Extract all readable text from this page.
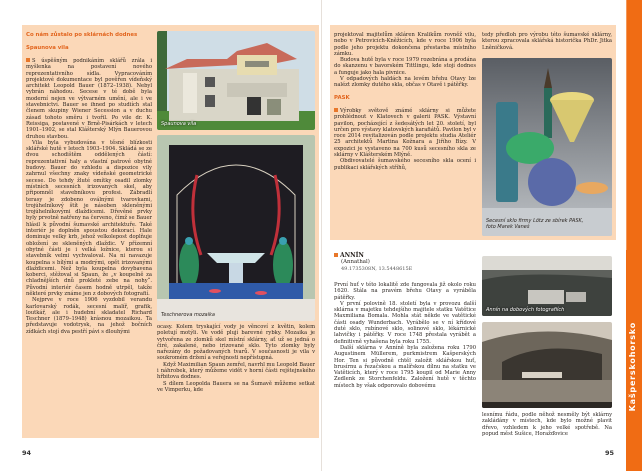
Co nám zůstalo po sklárnách dodnes
Spaunova vila

S úspěšným podnikáním sklářů zrála i myšlenka na postavení nového reprezentativního sídla. Vypracováním projektové dokumentace byl pověřen vídeňský architekt Leopold Bauer (1872–1938). Nebyl vybrán náhodou. Secese v té době byla moderní nejen ve výtvarném umění, ale i ve stavebnictví. Bauer se ihned po studiích stal členem skupiny Wiener Secession a v duchu zásad tohoto směru i tvořil. Po vile dr. K. Reissiga, postavené v Brně-Pisárkách v letech 1901–1902, se stal Klášterský Mlýn Bauerovou druhou stavbou.

Vila byla vybudována v těsné blízkosti sklářské hutě v letech 1903–1904. Skládá se ze dvou schodištěm oddělených částí: reprezentativní haly a vlastní patrové obytné budovy. Bauer do vzhledu a dispozice vily zahrnul všechny znaky vídeňské geometrické secese. Do tehdy žluté omítky osadil zlomky místních secesních irizovaných skel, aby připomněl stavebníkovu profesi. Zábradlí terasy je zdobeno oválnými tvarovkami, trojúhelníkový štít je násoben skleněnými trojúhelníkovými dlaždicemi. Dřevěné prvky byly prvotně natřeny na červeno, čímž se Bauer hlásil k původní šumavské architektuře. Také interiér je doplněn spoustou dekorací. Hale dominuje velký krb, jehož velkolepost doplňuje obložení ze skleněných dlaždic. V přízemní obytné části je i velká ložnice, kterou si stavebník velmi vychvaloval. Na ni navazuje koupelna s bílými a modrými, opět irizovanými dlaždicemi. Než byla koupelna dovybavena koberci, stěžoval si Spaun, že „v koupelně za chladnějších dnů prokleté zebe na nohy“. Původní interiér časem hodně utrpěl, takže některé prvky známe jen z dobových fotografií.

Nejprve v roce 1906 vyzdobil verandu karlovarský rodák, secesní malíř, grafik, loutkář, ale i hudební skladatel Richard Teschner (1879–1948) krásnou mozaikou. Ta představuje vodotrysk, na jehož bočních zídkách stojí dva pestří pávi s dlouhými

Spaunova vila
Teschnerova mozaika

ocasy. Kolem tryskající vody je věncoví z květin, kolem poletují motýli. Ve vodě plují barevné rybky. Mozaika je vytvořena ze zlomků skel místní sklárny, ať už se jedná o čiré, zakalené, nebo irizované sklo. Tyto zlomky byly nařezány do požadovaných tvarů. V současnosti je vila v soukromém držení a veřejnosti nepřístupná.

Když Maximilian Spaun zemřel, navrhl mu Leopold Bauer i náhrobek, který můžeme vidět v horní části rejštejnského hřbitova dodnes.

S dílem Leopolda Bauera se na Šumavě můžeme setkat ve Vimperku, kde

94

projektoval majitelům skláren Kralikům rovněž vilu, nebo v Petrovicích-Kněžicích, kde v roce 1906 byla podle jeho projektu dokončena přestavba místního zámku.

Budova hutě byla v roce 1979 rozebrána a prodána do skanzenu v bavorském Tittlingu, kde stojí dodnes a funguje jako hala pivnice.

V odpadových haldách na levém břehu Otavy lze nalézt zlomky dutého skla, občas v Otavě i pátěřky.

PASK

Výrobky světově známé sklárny si můžete prohlédnout v Klatovech v galerii PASK. Výstavní pavilon, pocházející z šedesátých let 20. století, byl určen pro výstavy klatovských karafiátů. Pavilon byl v roce 2014 revitalizován podle projektu studia Ateliér 25 architektů Martina Kožnara a Jiřího Bízy. V expozici je vystaveno na 700 kusů secesního skla ze sklárny v Klášterském Mlýně.

Obdivovatelé šumavského secesního skla ocení i publikaci sklářských stříhů,

tedy předloh pro výrobu této šumavské sklárny, kterou zpracovala sklářská historička PhDr. Jitka Lněničková.

Secesní sklo firmy Lötz ze sbírek PASK,
foto Marek Vaneš
ANNÍN
(Annathal)
49.1735308N, 13.5448615E

První huť v této lokalitě zde fungovala již okolo roku 1620. Stála na pravém břehu Otavy a vyráběla pátěřky.

V první polovině 18. století byla v provozu další sklárna v majetku tehdejšího majitele statku Vatětice Maxmiliana Bomala. Mohla stát někde ve vatětické části osady Wunderbach. Vyrábělo se v ní křídové duté sklo, rubínové sklo, solinové sklo, lékárnické lahvičky i pátěřky. V roce 1748 přestala vyrábět a definitivně vyhašena byla roku 1755.

Další sklárna v Anníně byla založena roku 1790 Augustinem Müllerem, purkmistrem Kašperských Hor. Ten si původně chtěl založit sklářskou huť, brusírnu a řezačskou a malířskou dílnu na statku ve Vatěticích, který v roce 1795 koupil od Marie Anny Zedlenk ze Storchenfeldu. Založení hutě v těchto místech by však odporovalo dobovému

Annín na dobových fotografiích

lesnímu řádu, podle něhož nesměly být sklárny zakládány v místech, kde bylo možné plavit dřevo, vzhledem k jeho velké spotřebě. Na popud měst Sušice, Horažďovice

95
Kašperskohorsko
